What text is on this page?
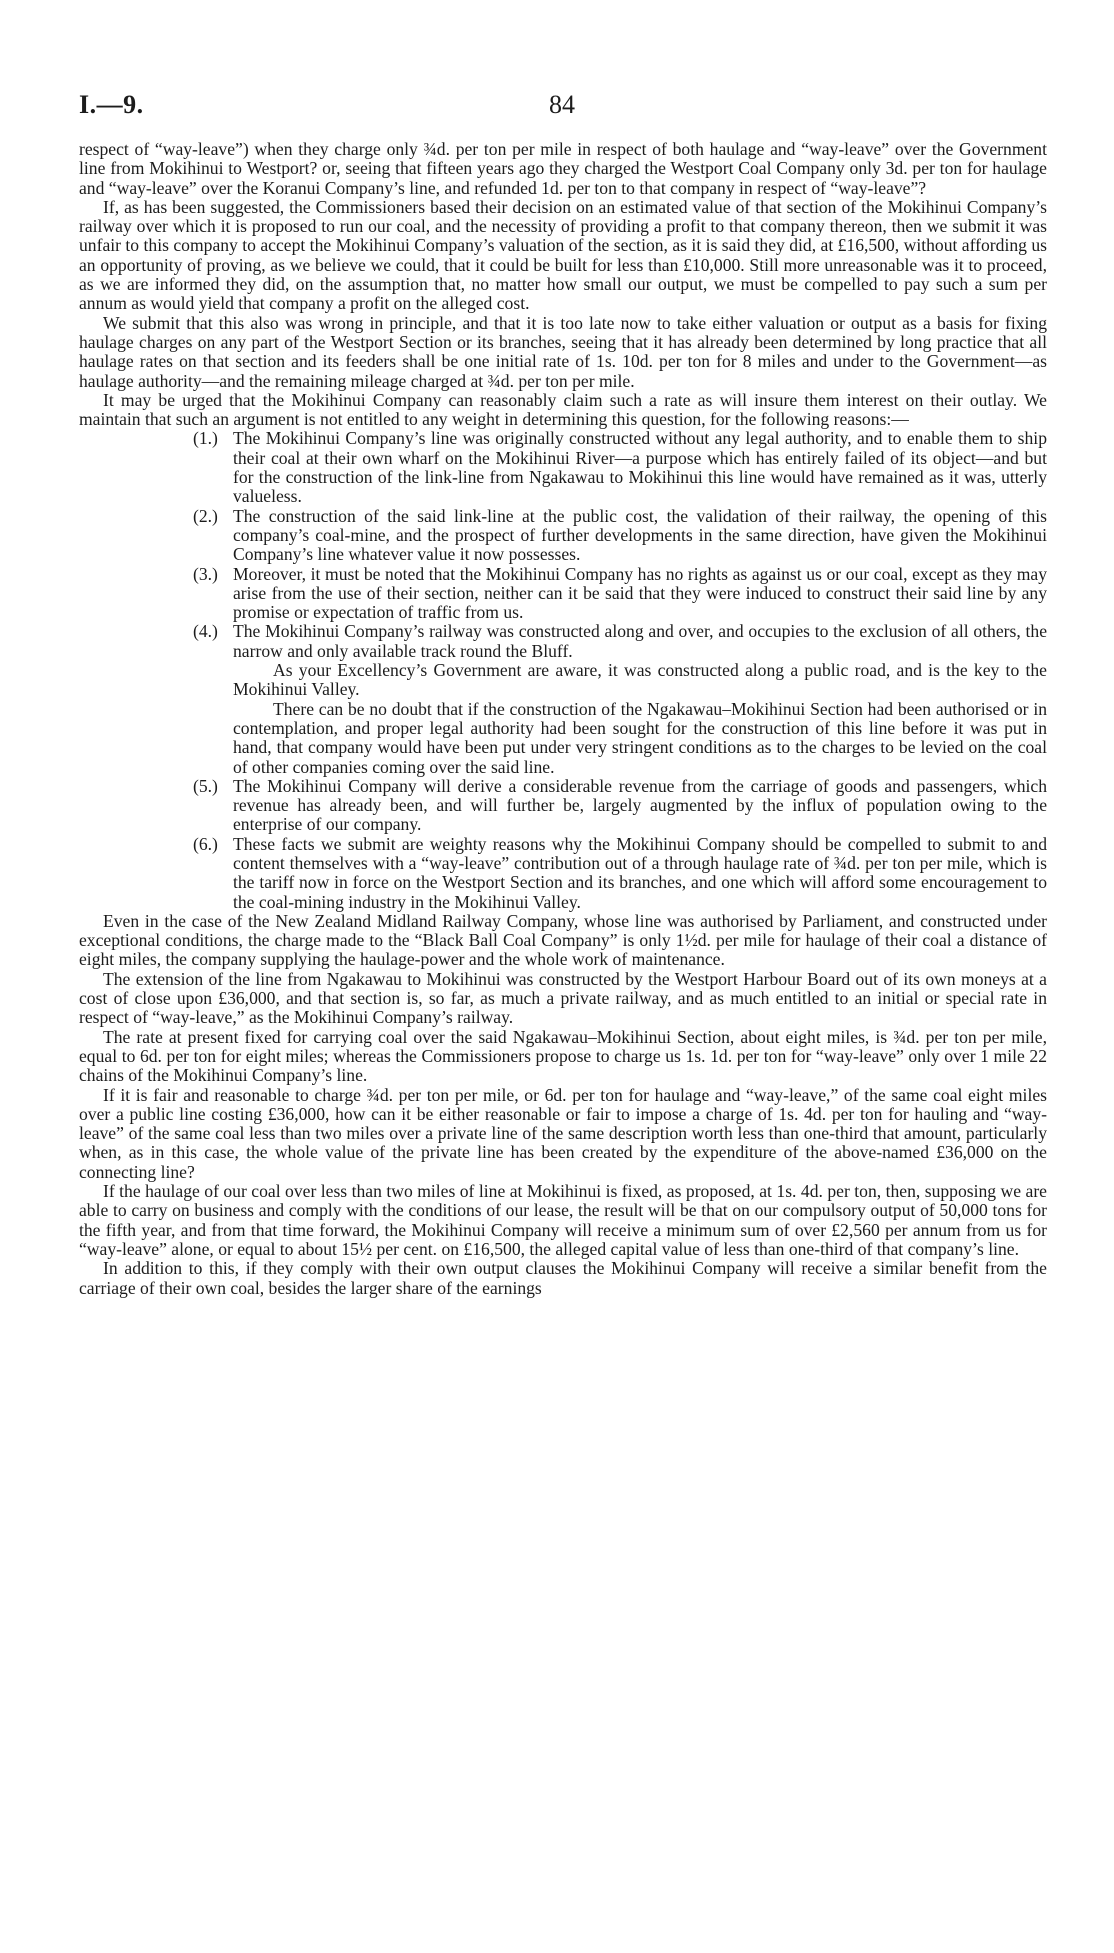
I.—9.	84

respect of “way-leave”) when they charge only ¾d. per ton per mile in respect of both haulage and “way-leave” over the Government line from Mokihinui to Westport? or, seeing that fifteen years ago they charged the Westport Coal Company only 3d. per ton for haulage and “way-leave” over the Koranui Company’s line, and refunded 1d. per ton to that company in respect of “way-leave”?

If, as has been suggested, the Commissioners based their decision on an estimated value of that section of the Mokihinui Company’s railway over which it is proposed to run our coal, and the necessity of providing a profit to that company thereon, then we submit it was unfair to this company to accept the Mokihinui Company’s valuation of the section, as it is said they did, at £16,500, without affording us an opportunity of proving, as we believe we could, that it could be built for less than £10,000. Still more unreasonable was it to proceed, as we are informed they did, on the assumption that, no matter how small our output, we must be compelled to pay such a sum per annum as would yield that company a profit on the alleged cost.

We submit that this also was wrong in principle, and that it is too late now to take either valuation or output as a basis for fixing haulage charges on any part of the Westport Section or its branches, seeing that it has already been determined by long practice that all haulage rates on that section and its feeders shall be one initial rate of 1s. 10d. per ton for 8 miles and under to the Government—as haulage authority—and the remaining mileage charged at ¾d. per ton per mile.

It may be urged that the Mokihinui Company can reasonably claim such a rate as will insure them interest on their outlay. We maintain that such an argument is not entitled to any weight in determining this question, for the following reasons:—

(1.) The Mokihinui Company’s line was originally constructed without any legal authority, and to enable them to ship their coal at their own wharf on the Mokihinui River—a purpose which has entirely failed of its object—and but for the construction of the link-line from Ngakawau to Mokihinui this line would have remained as it was, utterly valueless.

(2.) The construction of the said link-line at the public cost, the validation of their railway, the opening of this company’s coal-mine, and the prospect of further developments in the same direction, have given the Mokihinui Company’s line whatever value it now possesses.

(3.) Moreover, it must be noted that the Mokihinui Company has no rights as against us or our coal, except as they may arise from the use of their section, neither can it be said that they were induced to construct their said line by any promise or expectation of traffic from us.

(4.) The Mokihinui Company’s railway was constructed along and over, and occupies to the exclusion of all others, the narrow and only available track round the Bluff.

As your Excellency’s Government are aware, it was constructed along a public road, and is the key to the Mokihinui Valley.

There can be no doubt that if the construction of the Ngakawau–Mokihinui Section had been authorised or in contemplation, and proper legal authority had been sought for the construction of this line before it was put in hand, that company would have been put under very stringent conditions as to the charges to be levied on the coal of other companies coming over the said line.

(5.) The Mokihinui Company will derive a considerable revenue from the carriage of goods and passengers, which revenue has already been, and will further be, largely augmented by the influx of population owing to the enterprise of our company.

(6.) These facts we submit are weighty reasons why the Mokihinui Company should be compelled to submit to and content themselves with a “way-leave” contribution out of a through haulage rate of ¾d. per ton per mile, which is the tariff now in force on the Westport Section and its branches, and one which will afford some encouragement to the coal-mining industry in the Mokihinui Valley.

Even in the case of the New Zealand Midland Railway Company, whose line was authorised by Parliament, and constructed under exceptional conditions, the charge made to the “Black Ball Coal Company” is only 1½d. per mile for haulage of their coal a distance of eight miles, the company supplying the haulage-power and the whole work of maintenance.

The extension of the line from Ngakawau to Mokihinui was constructed by the Westport Harbour Board out of its own moneys at a cost of close upon £36,000, and that section is, so far, as much a private railway, and as much entitled to an initial or special rate in respect of “way-leave,” as the Mokihinui Company’s railway.

The rate at present fixed for carrying coal over the said Ngakawau–Mokihinui Section, about eight miles, is ¾d. per ton per mile, equal to 6d. per ton for eight miles; whereas the Commissioners propose to charge us 1s. 1d. per ton for “way-leave” only over 1 mile 22 chains of the Mokihinui Company’s line.

If it is fair and reasonable to charge ¾d. per ton per mile, or 6d. per ton for haulage and “way-leave,” of the same coal eight miles over a public line costing £36,000, how can it be either reasonable or fair to impose a charge of 1s. 4d. per ton for hauling and “way-leave” of the same coal less than two miles over a private line of the same description worth less than one-third that amount, particularly when, as in this case, the whole value of the private line has been created by the expenditure of the above-named £36,000 on the connecting line?

If the haulage of our coal over less than two miles of line at Mokihinui is fixed, as proposed, at 1s. 4d. per ton, then, supposing we are able to carry on business and comply with the conditions of our lease, the result will be that on our compulsory output of 50,000 tons for the fifth year, and from that time forward, the Mokihinui Company will receive a minimum sum of over £2,560 per annum from us for “way-leave” alone, or equal to about 15½ per cent. on £16,500, the alleged capital value of less than one-third of that company’s line.

In addition to this, if they comply with their own output clauses the Mokihinui Company will receive a similar benefit from the carriage of their own coal, besides the larger share of the earnings
